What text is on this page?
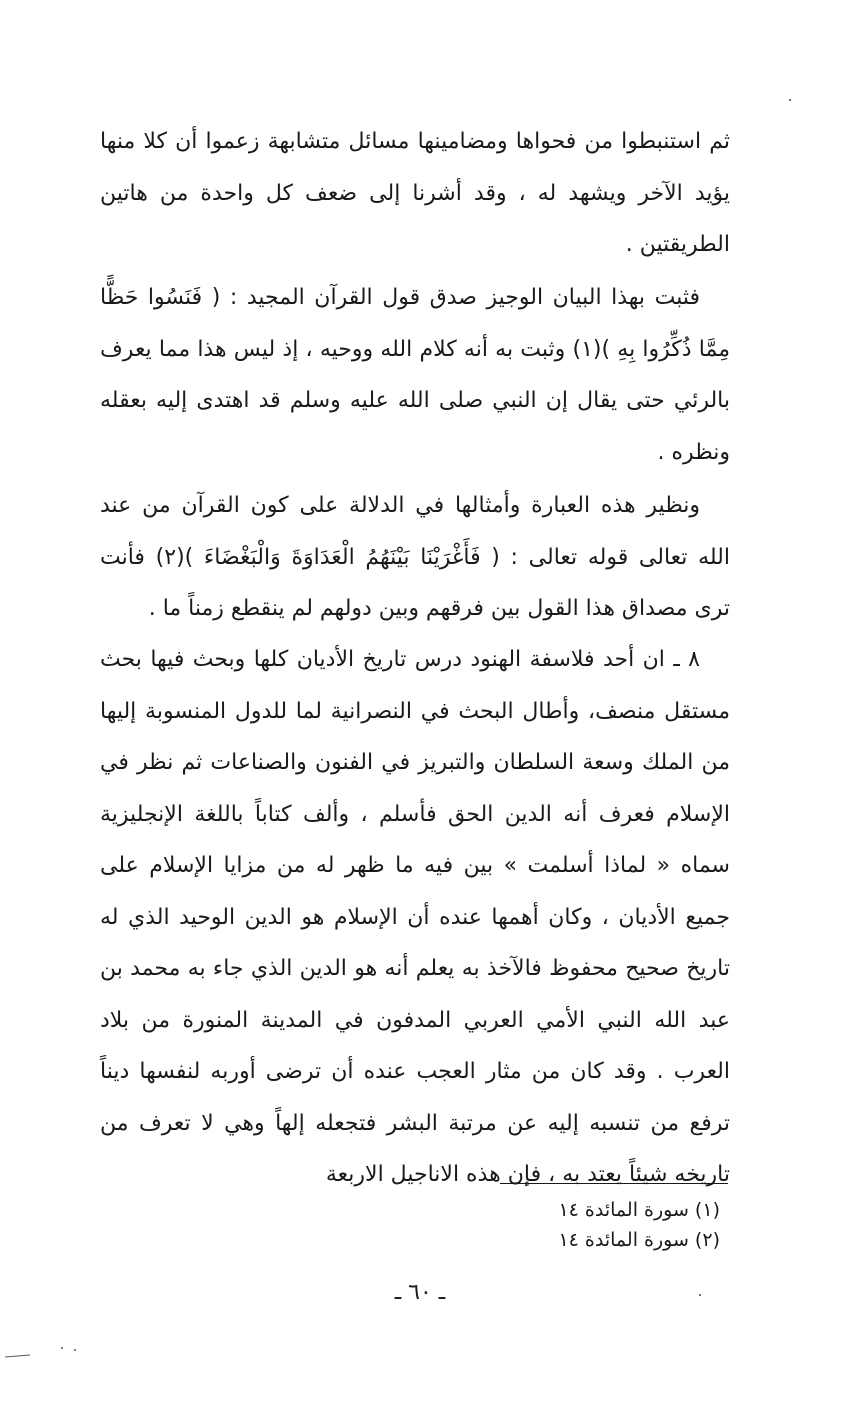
ثم استنبطوا من فحواها ومضامينها مسائل متشابهة زعموا أن كلا منها يؤيد الآخر ويشهد له ، وقد أشرنا إلى ضعف كل واحدة من هاتين الطريقتين .

فثبت بهذا البيان الوجيز صدق قول القرآن المجيد : ( فَنَسُوا حَظًّا مِمَّا ذُكِّرُوا بِهِ )(١) وثبت به أنه كلام الله ووحيه ، إذ ليس هذا مما يعرف بالرئي حتى يقال إن النبي صلى الله عليه وسلم قد اهتدى إليه بعقله ونظره .

ونظير هذه العبارة وأمثالها في الدلالة على كون القرآن من عند الله تعالى قوله تعالى : ( فَأَغْرَيْنَا بَيْنَهُمُ الْعَدَاوَةَ وَالْبَغْضَاءَ )(٢) فأنت ترى مصداق هذا القول بين فرقهم وبين دولهم لم ينقطع زمناً ما .

٨ ـ ان أحد فلاسفة الهنود درس تاريخ الأديان كلها وبحث فيها بحث مستقل منصف، وأطال البحث في النصرانية لما للدول المنسوبة إليها من الملك وسعة السلطان والتبريز في الفنون والصناعات ثم نظر في الإسلام فعرف أنه الدين الحق فأسلم ، وألف كتاباً باللغة الإنجليزية سماه « لماذا أسلمت » بين فيه ما ظهر له من مزايا الإسلام على جميع الأديان ، وكان أهمها عنده أن الإسلام هو الدين الوحيد الذي له تاريخ صحيح محفوظ فالآخذ به يعلم أنه هو الدين الذي جاء به محمد بن عبد الله النبي الأمي العربي المدفون في المدينة المنورة من بلاد العرب . وقد كان من مثار العجب عنده أن ترضى أوربه لنفسها ديناً ترفع من تنسبه إليه عن مرتبة البشر فتجعله إلهاً وهي لا تعرف من تاريخه شيئاً يعتد به ، فإن هذه الاناجيل الاربعة

(١) سورة المائدة ١٤
(٢) سورة المائدة ١٤
ـ ٦٠ ـ
